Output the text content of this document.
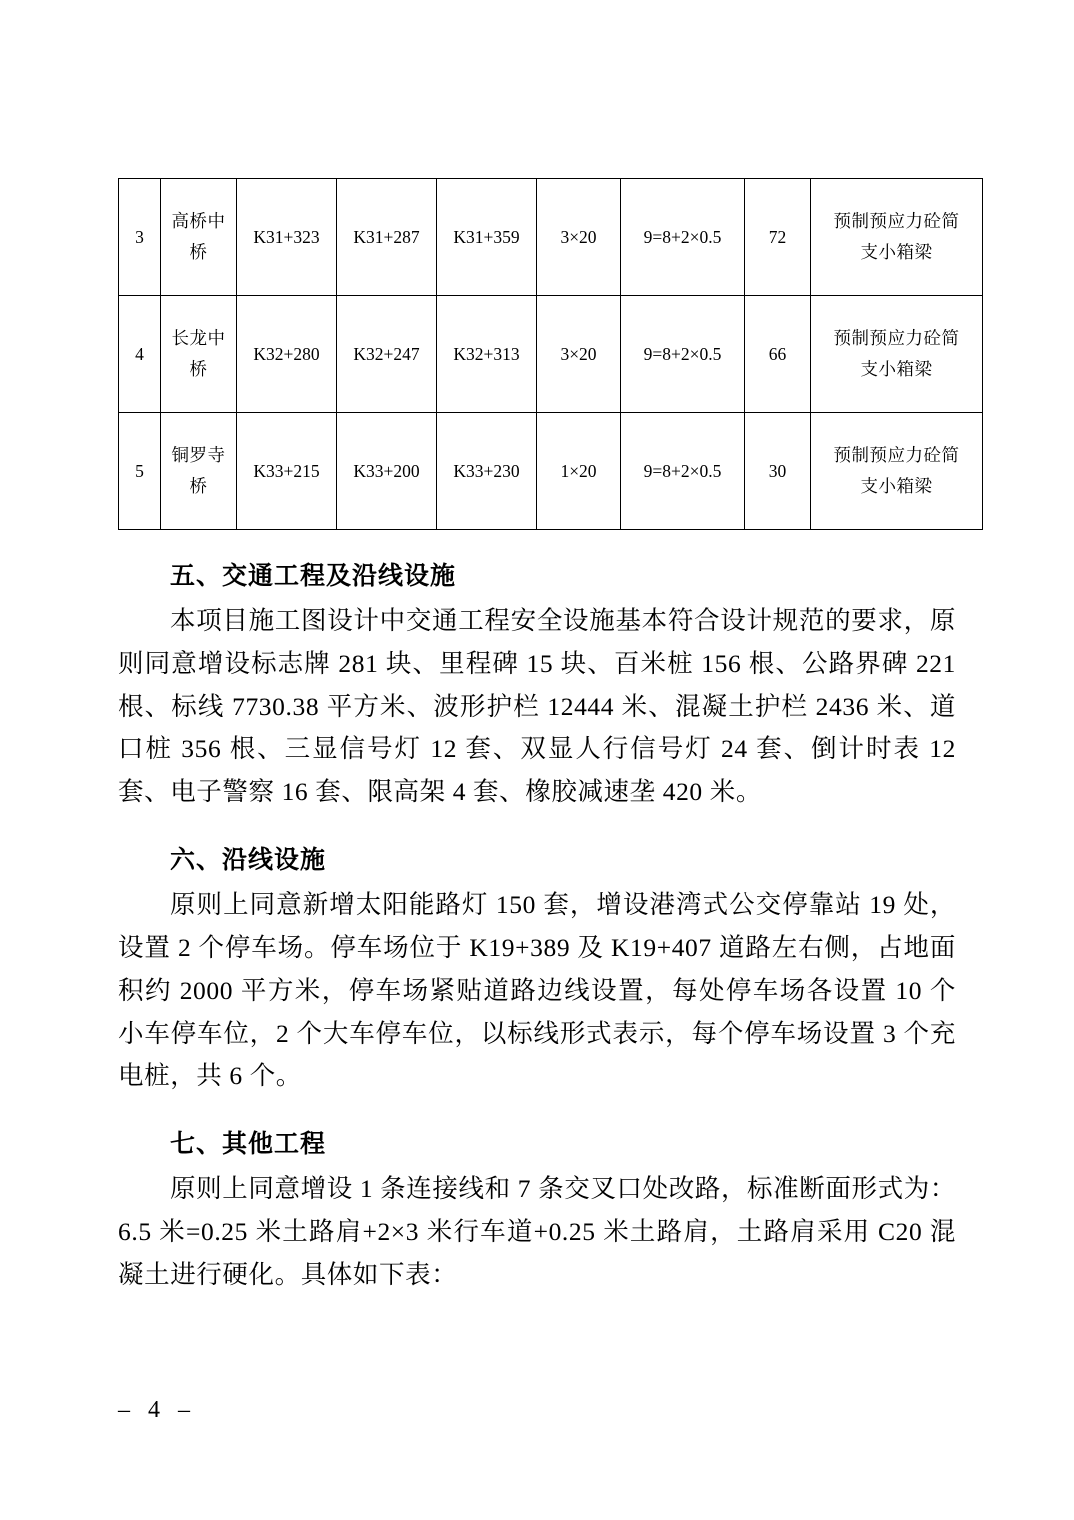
3	高桥中桥	K31+323	K31+287	K31+359	3×20	9=8+2×0.5	72	预制预应力砼简
支小箱梁

4	长龙中桥	K32+280	K32+247	K32+313	3×20	9=8+2×0.5	66	预制预应力砼简
支小箱梁

5	铜罗寺桥	K33+215	K33+200	K33+230	1×20	9=8+2×0.5	30	预制预应力砼简
支小箱梁
五、交通工程及沿线设施

本项目施工图设计中交通工程安全设施基本符合设计规范的要求，原则同意增设标志牌 281 块、里程碑 15 块、百米桩 156 根、公路界碑 221 根、标线 7730.38 平方米、波形护栏 12444 米、混凝土护栏 2436 米、道口桩 356 根、三显信号灯 12 套、双显人行信号灯 24 套、倒计时表 12 套、电子警察 16 套、限高架 4 套、橡胶减速垄 420 米。

六、沿线设施

原则上同意新增太阳能路灯 150 套，增设港湾式公交停靠站 19 处，设置 2 个停车场。停车场位于 K19+389 及 K19+407 道路左右侧，占地面积约 2000 平方米，停车场紧贴道路边线设置，每处停车场各设置 10 个小车停车位，2 个大车停车位，以标线形式表示，每个停车场设置 3 个充电桩，共 6 个。

七、其他工程

原则上同意增设 1 条连接线和 7 条交叉口处改路，标准断面形式为：6.5 米=0.25 米土路肩+2×3 米行车道+0.25 米土路肩，土路肩采用 C20 混凝土进行硬化。具体如下表：

– 4 –
